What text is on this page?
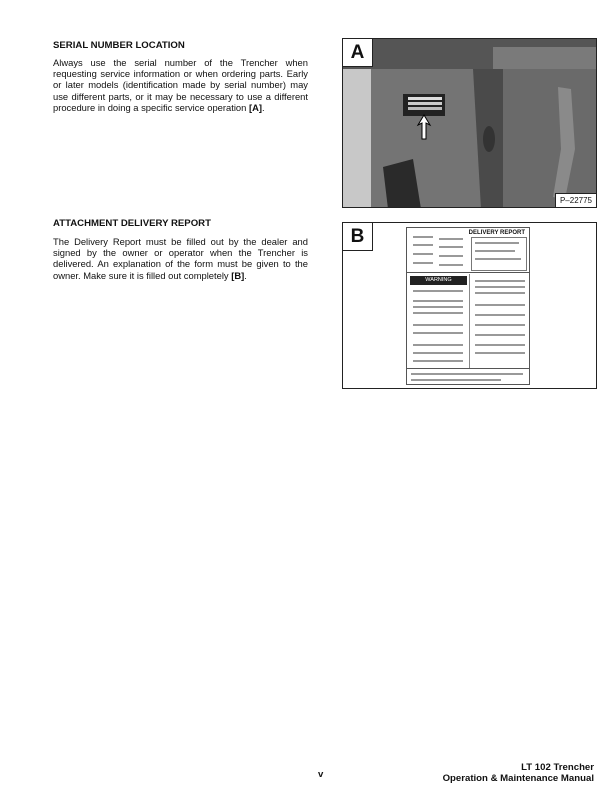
SERIAL NUMBER LOCATION
Always use the serial number of the Trencher when requesting service information or when ordering parts. Early or later models (identification made by serial number) may use different parts, or it may be necessary to use a different procedure in doing a specific service operation [A].
ATTACHMENT DELIVERY REPORT
The Delivery Report must be filled out by the dealer and signed by the owner or operator when the Trencher is delivered. An explanation of the form must be given to the owner. Make sure it is filled out completely [B].
A
P–22775
DELIVERY REPORT
WARNING
B
v
LT 102 Trencher
Operation & Maintenance Manual
